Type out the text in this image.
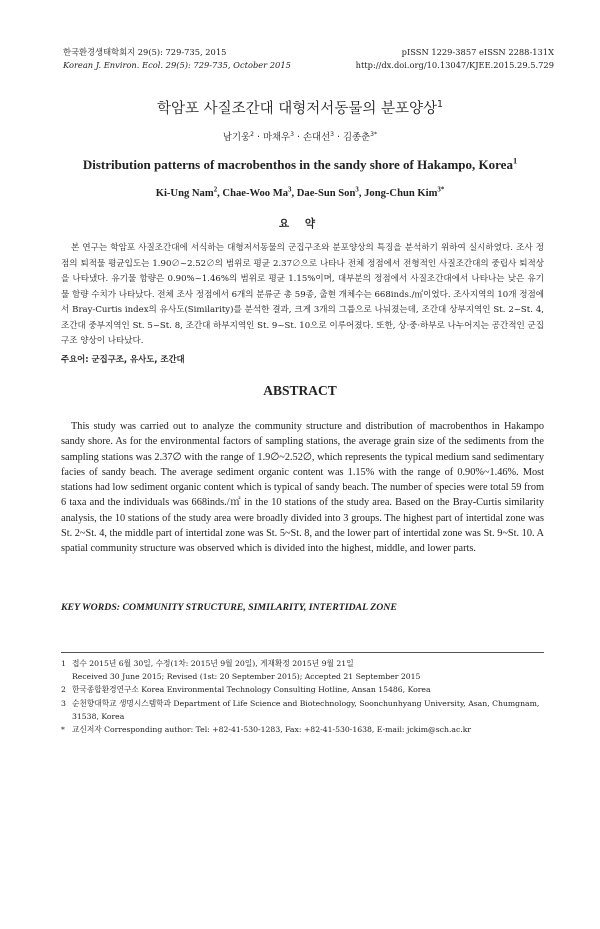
한국환경생태학회지 29(5): 729-735, 2015
Korean J. Environ. Ecol. 29(5): 729-735, October 2015
pISSN 1229-3857 eISSN 2288-131X
http://dx.doi.org/10.13047/KJEE.2015.29.5.729
학암포 사질조간대 대형저서동물의 분포양상$^1$
남기웅$^2$ · 마채우$^3$ · 손대선$^3$ · 김종춘$^{3*}$
Distribution patterns of macrobenthos in the sandy shore of Hakampo, Korea$^1$
Ki-Ung Nam$^2$, Chae-Woo Ma$^3$, Dae-Sun Son$^3$, Jong-Chun Kim$^{3*}$
요 약

본 연구는 학암포 사질조간대에 서식하는 대형저서동물의 군집구조와 분포양상의 특징을 분석하기 위하여 실시하였다. 조사 정점의 퇴적물 평균입도는 1.90∅~2.52∅의 범위로 평균 2.37∅으로 나타나 전체 정점에서 전형적인 사질조간대의 중립사 퇴적상을 나타냈다. 유기물 함량은 0.90%~1.46%의 범위로 평균 1.15%이며, 대부분의 정점에서 사질조간대에서 나타나는 낮은 유기물 함량 수치가 나타났다. 전체 조사 정점에서 6개의 분류군 총 59종, 출현 개체수는 668inds./㎡이었다. 조사지역의 10개 정점에서 Bray-Curtis index의 유사도(Similarity)를 분석한 결과, 크게 3개의 그룹으로 나눠졌는데, 조간대 상부지역인 St. 2~St. 4, 조간대 중부지역인 St. 5~St. 8, 조간대 하부지역인 St. 9~St. 10으로 이루어졌다. 또한, 상·중·하부로 나누어지는 공간적인 군집구조 양상이 나타났다.

주요어: 군집구조, 유사도, 조간대
ABSTRACT

This study was carried out to analyze the community structure and distribution of macrobenthos in Hakampo sandy shore. As for the environmental factors of sampling stations, the average grain size of the sediments from the sampling stations was 2.37∅ with the range of 1.9∅~2.52∅, which represents the typical medium sand sedimentary facies of sandy beach. The average sediment organic content was 1.15% with the range of 0.90%~1.46%. Most stations had low sediment organic content which is typical of sandy beach. The number of species were total 59 from 6 taxa and the individuals was 668inds./㎡ in the 10 stations of the study area. Based on the Bray-Curtis similarity analysis, the 10 stations of the study area were broadly divided into 3 groups. The highest part of intertidal zone was St. 2~St. 4, the middle part of intertidal zone was St. 5~St. 8, and the lower part of intertidal zone was St. 9~St. 10. A spatial community structure was observed which is divided into the highest, middle, and lower parts.

KEY WORDS: COMMUNITY STRUCTURE, SIMILARITY, INTERTIDAL ZONE
1 접수 2015년 6월 30일, 수정(1차: 2015년 9월 20일), 게재확정 2015년 9월 21일
Received 30 June 2015; Revised (1st: 20 September 2015); Accepted 21 September 2015
2 한국종합환경연구소 Korea Environmental Technology Consulting Hotline, Ansan 15486, Korea
3 순천향대학교 생명시스템학과 Department of Life Science and Biotechnology, Soonchunhyang University, Asan, Chumgnam, 31538, Korea
* 교신저자 Corresponding author: Tel: +82-41-530-1283, Fax: +82-41-530-1638, E-mail: jckim@sch.ac.kr
